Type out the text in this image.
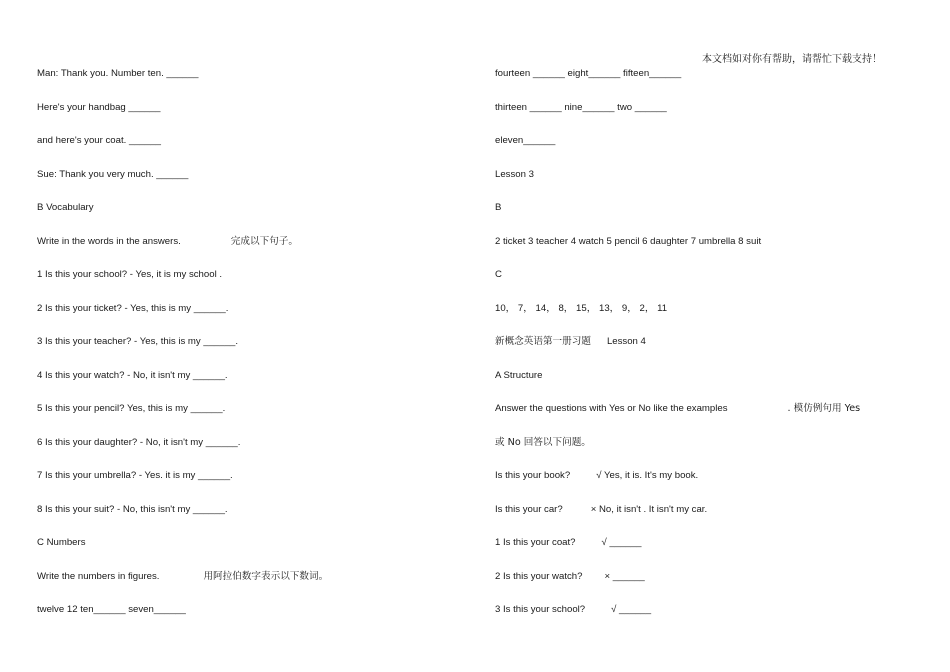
本文档如对你有帮助，请帮忙下载支持！
Man: Thank you. Number ten. ______
Here's your handbag ______
and here's your coat. ______
Sue: Thank you very much. ______
B Vocabulary
Write in the words in the answers.	完成以下句子。
1 Is this your school? - Yes, it is my school .
2 Is this your ticket? - Yes, this is my ______.
3 Is this your teacher? - Yes, this is my ______.
4 Is this your watch? - No, it isn't my ______.
5 Is this your pencil? Yes, this is my ______.
6 Is this your daughter? - No, it isn't my ______.
7 Is this your umbrella? - Yes. it is my ______.
8 Is this your suit? - No, this isn't my ______.
C Numbers
Write the numbers in figures.	用阿拉伯数字表示以下数词。
twelve 12 ten______ seven______
fourteen ______ eight______ fifteen______
thirteen ______ nine______ two ______
eleven______
Lesson 3
B
2 ticket 3 teacher 4 watch 5 pencil 6 daughter 7 umbrella 8 suit
C
10， 7， 14， 8， 15， 13， 9， 2， 11
新概念英语第一册习题 Lesson 4
A Structure
Answer the questions with Yes or No like the examples	. 模仿例句用 Yes
或 No 回答以下问题。
Is this your book?	√ Yes, it is. It's my book.
Is this your car?	× No, it isn't . It isn't my car.
1 Is this your coat?	√ ______
2 Is this your watch? × ______
3 Is this your school?	√ ______
